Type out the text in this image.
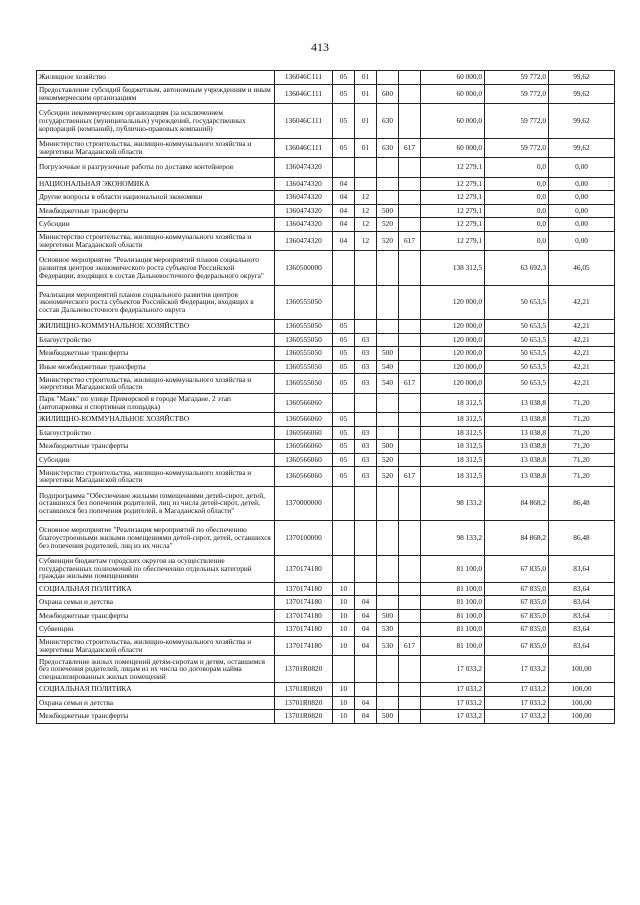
413
Жилищное хозяйство	136046С111	05	01			60 000,0	59 772,0	99,62
Предоставление субсидий бюджетным, автономным учреждениям и иным некоммерческим организациям	136046С111	05	01	600		60 000,0	59 772,0	99,62
Субсидии некоммерческим организациям (за исключением государственных (муниципальных) учреждений, государственных корпораций (компаний), публично-правовых компаний)	136046С111	05	01	630		60 000,0	59 772,0	99,62
Министерство строительства, жилищно-коммунального хозяйства и энергетики Магаданской области	136046С111	05	01	630	617	60 000,0	59 772,0	99,62
Погрузочные и разгрузочные работы по доставке контейнеров	1360474320					12 279,1	0,0	0,00
НАЦИОНАЛЬНАЯ ЭКОНОМИКА	1360474320	04				12 279,1	0,0	0,00
Другие вопросы в области национальной экономики	1360474320	04	12			12 279,1	0,0	0,00
Межбюджетные трансферты	1360474320	04	12	500		12 279,1	0,0	0,00
Субсидии	1360474320	04	12	520		12 279,1	0,0	0,00
Министерство строительства, жилищно-коммунального хозяйства и энергетики Магаданской области	1360474320	04	12	520	617	12 279,1	0,0	0,00
Основное мероприятие "Реализация мероприятий планов социального развития центров экономического роста субъектов Российской Федерации, входящих в состав Дальневосточного федерального округа"	1360500000					138 312,5	63 692,3	46,05
Реализация мероприятий планов социального развития центров экономического роста субъектов Российской Федерации, входящих в состав Дальневосточного федерального округа	1360555050					120 000,0	50 653,5	42,21
ЖИЛИЩНО-КОММУНАЛЬНОЕ ХОЗЯЙСТВО	1360555050	05				120 000,0	50 653,5	42,21
Благоустройство	1360555050	05	03			120 000,0	50 653,5	42,21
Межбюджетные трансферты	1360555050	05	03	500		120 000,0	50 653,5	42,21
Иные межбюджетные трансферты	1360555050	05	03	540		120 000,0	50 653,5	42,21
Министерство строительства, жилищно-коммунального хозяйства и энергетики Магаданской области	1360555050	05	03	540	617	120 000,0	50 653,5	42,21
Парк "Маяк" по улице Приморской в городе Магадане. 2 этап (автопарковка и спортивная площадка)	1360566060					18 312,5	13 038,8	71,20
ЖИЛИЩНО-КОММУНАЛЬНОЕ ХОЗЯЙСТВО	1360566060	05				18 312,5	13 038,8	71,20
Благоустройство	1360566060	05	03			18 312,5	13 038,8	71,20
Межбюджетные трансферты	1360566060	05	03	500		18 312,5	13 038,8	71,20
Субсидии	1360566060	05	03	520		18 312,5	13 038,8	71,20
Министерство строительства, жилищно-коммунального хозяйства и энергетики Магаданской области	1360566060	05	03	520	617	18 312,5	13 038,8	71,20
Подпрограмма "Обеспечение жилыми помещениями детей-сирот, детей, оставшихся без попечения родителей, лиц из числа детей-сирот, детей, оставшихся без попечения родителей, в Магаданской области"	1370000000					98 133,2	84 868,2	86,48
Основное мероприятие "Реализация мероприятий по обеспечению благоустроенными жилыми помещениями детей-сирот, детей, оставшихся без попечения родителей, лиц из их числа"	1370100000					98 133,2	84 868,2	86,48
Субвенции бюджетам городских округов на осуществление государственных полномочий по обеспечению отдельных категорий граждан жилыми помещениями	1370174180					81 100,0	67 835,0	83,64
СОЦИАЛЬНАЯ ПОЛИТИКА	1370174180	10				81 100,0	67 835,0	83,64
Охрана семьи и детства	1370174180	10	04			81 100,0	67 835,0	83,64
Межбюджетные трансферты	1370174180	10	04	500		81 100,0	67 835,0	83,64
Субвенции	1370174180	10	04	530		81 100,0	67 835,0	83,64
Министерство строительства, жилищно-коммунального хозяйства и энергетики Магаданской области	1370174180	10	04	530	617	81 100,0	67 835,0	83,64
Предоставление жилых помещений детям-сиротам и детям, оставшимся без попечения родителей, лицам из их числа по договорам найма специализированных жилых помещений	13701R0820					17 033,2	17 033,2	100,00
СОЦИАЛЬНАЯ ПОЛИТИКА	13701R0820	10				17 033,2	17 033,2	100,00
Охрана семьи и детства	13701R0820	10	04			17 033,2	17 033,2	100,00
Межбюджетные трансферты	13701R0820	10	04	500		17 033,2	17 033,2	100,00
